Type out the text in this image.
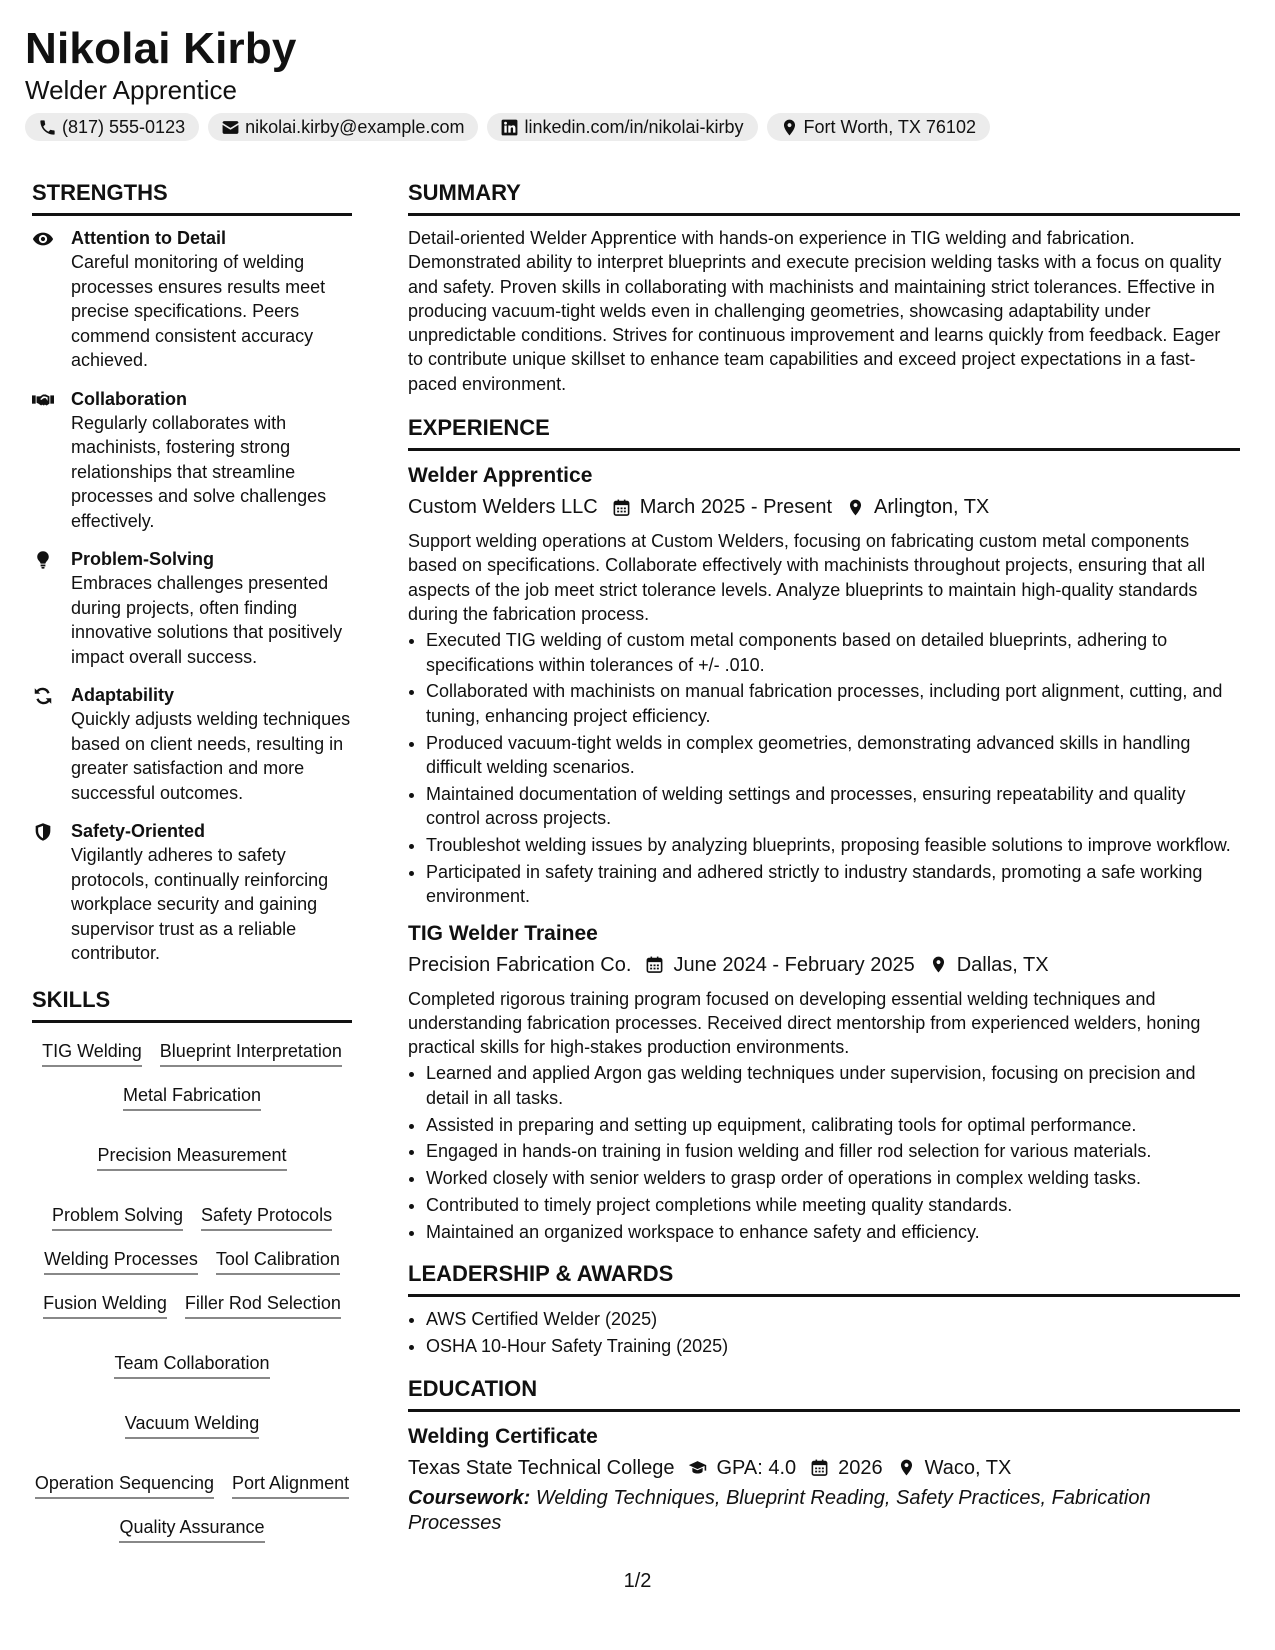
Nikolai Kirby
Welder Apprentice
(817) 555-0123	nikolai.kirby@example.com	linkedin.com/in/nikolai-kirby	Fort Worth, TX 76102
STRENGTHS
Attention to Detail
Careful monitoring of welding processes ensures results meet precise specifications. Peers commend consistent accuracy achieved.
Collaboration
Regularly collaborates with machinists, fostering strong relationships that streamline processes and solve challenges effectively.
Problem-Solving
Embraces challenges presented during projects, often finding innovative solutions that positively impact overall success.
Adaptability
Quickly adjusts welding techniques based on client needs, resulting in greater satisfaction and more successful outcomes.
Safety-Oriented
Vigilantly adheres to safety protocols, continually reinforcing workplace security and gaining supervisor trust as a reliable contributor.
SKILLS
TIG Welding Blueprint Interpretation
Metal Fabrication
Precision Measurement
Problem Solving Safety Protocols
Welding Processes Tool Calibration
Fusion Welding Filler Rod Selection
Team Collaboration
Vacuum Welding
Operation Sequencing Port Alignment
Quality Assurance
SUMMARY
Detail-oriented Welder Apprentice with hands-on experience in TIG welding and fabrication. Demonstrated ability to interpret blueprints and execute precision welding tasks with a focus on quality and safety. Proven skills in collaborating with machinists and maintaining strict tolerances. Effective in producing vacuum-tight welds even in challenging geometries, showcasing adaptability under unpredictable conditions. Strives for continuous improvement and learns quickly from feedback. Eager to contribute unique skillset to enhance team capabilities and exceed project expectations in a fast-paced environment.
EXPERIENCE
Welder Apprentice
Custom Welders LLC March 2025 - Present Arlington, TX
Support welding operations at Custom Welders, focusing on fabricating custom metal components based on specifications. Collaborate effectively with machinists throughout projects, ensuring that all aspects of the job meet strict tolerance levels. Analyze blueprints to maintain high-quality standards during the fabrication process.
• Executed TIG welding of custom metal components based on detailed blueprints, adhering to specifications within tolerances of +/- .010.
• Collaborated with machinists on manual fabrication processes, including port alignment, cutting, and tuning, enhancing project efficiency.
• Produced vacuum-tight welds in complex geometries, demonstrating advanced skills in handling difficult welding scenarios.
• Maintained documentation of welding settings and processes, ensuring repeatability and quality control across projects.
• Troubleshot welding issues by analyzing blueprints, proposing feasible solutions to improve workflow.
• Participated in safety training and adhered strictly to industry standards, promoting a safe working environment.
TIG Welder Trainee
Precision Fabrication Co. June 2024 - February 2025 Dallas, TX
Completed rigorous training program focused on developing essential welding techniques and understanding fabrication processes. Received direct mentorship from experienced welders, honing practical skills for high-stakes production environments.
• Learned and applied Argon gas welding techniques under supervision, focusing on precision and detail in all tasks.
• Assisted in preparing and setting up equipment, calibrating tools for optimal performance.
• Engaged in hands-on training in fusion welding and filler rod selection for various materials.
• Worked closely with senior welders to grasp order of operations in complex welding tasks.
• Contributed to timely project completions while meeting quality standards.
• Maintained an organized workspace to enhance safety and efficiency.
LEADERSHIP & AWARDS
• AWS Certified Welder (2025)
• OSHA 10-Hour Safety Training (2025)
EDUCATION
Welding Certificate
Texas State Technical College GPA: 4.0 2026 Waco, TX
Coursework: Welding Techniques, Blueprint Reading, Safety Practices, Fabrication Processes
1/2
